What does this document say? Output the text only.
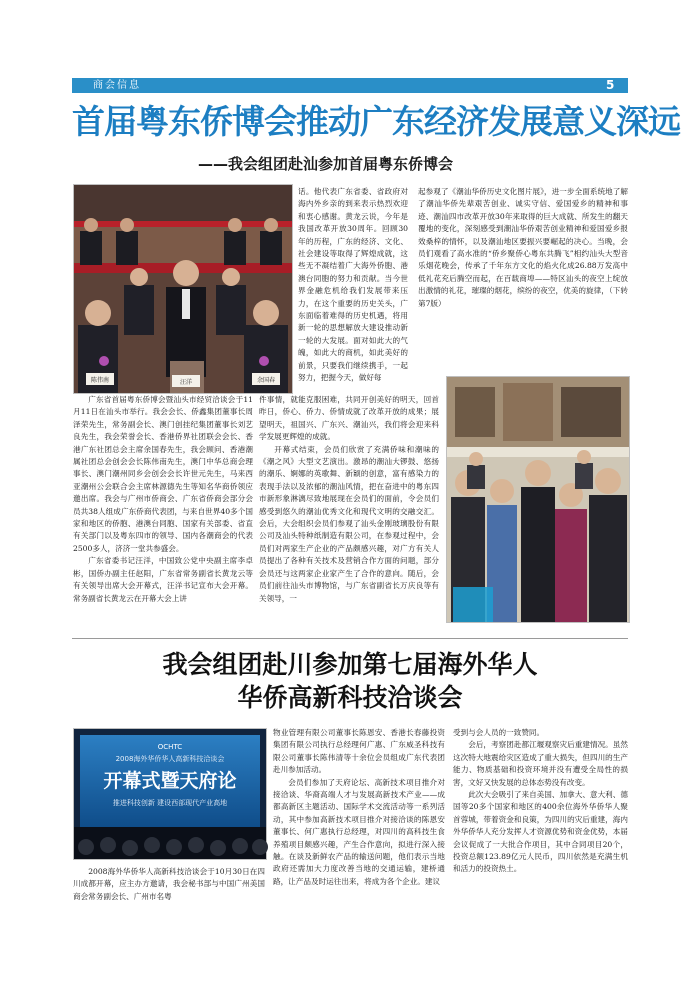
商会信息	5
首届粤东侨博会推动广东经济发展意义深远
——我会组团赴汕参加首届粤东侨博会
陈伟南	汪洋	余国春

广东省首届粤东侨博会暨汕头市经贸洽谈会于11月11日在汕头市举行。我会会长、侨鑫集团董事长周泽荣先生，常务副会长、澳门创挂纪集团董事长刘艺良先生，我会荣誉会长、香港侨界社团联会会长、香港广东社团总会主席余国春先生，我会顾问、香港潮属社团总会创会会长陈伟南先生，澳门中华总商会理事长、澳门潮州同乡会创会会长许世元先生，马来西亚潮州公会联合会主席林源德先生等知名华商侨领应邀出席。我会与广州市侨商会、广东省侨商会部分会员共38人组成广东侨商代表团，与来自世界40多个国家和地区的侨胞、港澳台同胞、国家有关部委、省直有关部门以及粤东四市的领导、国内各潮商会的代表2500多人，济济一堂共参盛会。

广东省委书记汪洋，中国致公党中央副主席李卓彬，国侨办副主任赵阳，广东省常务副省长黄龙云等有关领导出席大会开幕式，汪洋书记宣布大会开幕。常务副省长黄龙云在开幕大会上讲

话。他代表广东省委、省政府对海内外乡亲的到来表示热烈欢迎和衷心感谢。黄龙云说，今年是我国改革开放30周年。回顾30年的历程，广东的经济、文化、社会建设等取得了辉煌成就，这些无不凝结着广大海外侨胞、港澳台同胞的努力和贡献。当今世界金融危机给我们发展带来压力，在这个重要的历史关头，广东面临着难得的历史机遇，将用新一轮的思想解放大建设推动新一轮的大发展。面对如此大的气魄，如此大的商机，如此美好的前景，只要我们继续携手，一起努力，把握今天，做好每

件事情，就能克服困难，共同开创美好的明天，回首昨日，侨心、侨力、侨情成就了改革开放的成果；展望明天，祖国兴、广东兴、潮汕兴，我们将会迎来科学发展更辉煌的成就。

开幕式结束，会员们欣赏了充满侨味和潮味的《潮之风》大型文艺演出。激昂的潮汕大锣鼓、悠扬的潮乐、婀娜的英歌舞、新颖的创意，富有感染力的表现手法以及浓郁的潮汕风情，把在奋进中的粤东四市新形象淋漓尽致地展现在会员们的面前，令会员们感受到悠久的潮汕优秀文化和现代文明的交融交汇。会后，大会组织会员们参观了汕头金刚玻璃股份有限公司及汕头特种纸制造有限公司，在参观过程中，会员们对两家生产企业的产品颇感兴趣，对广方有关人员提出了各种有关技术及营销合作方面的问题，部分会员还与这两家企业家产生了合作的意向。随后，会员们前往汕头市博物馆，与广东省副省长万庆良等有关领导，一

起参观了《潮汕华侨历史文化图片展》，进一步全面系统地了解了潮汕华侨先辈艰苦创业、诚实守信、爱国爱乡的精神和事迹、潮汕四市改革开放30年来取得的巨大成就、所发生的翻天覆地的变化，深刻感受到潮汕华侨艰苦创业精神和爱国爱乡报效桑梓的情怀，以及潮汕地区要振兴要崛起的决心。当晚，会员们观看了高水准的“侨乡聚侨心粤东共腾飞”相约汕头大型音乐烟花晚会，传承了千年东方文化的焰火化成26.88万发高中低礼花充后腾空而起，在百载商埠——特区汕头的夜空上绽放出激情的礼花，璀璨的烟花，缤纷的夜空，优美的旋律，（下转第7版）

我会组团赴川参加第七届海外华人
华侨高新科技洽谈会
OCHTC
2008海外华侨华人高新科技洽谈会
开幕式暨天府论
推进科技创新 建设西部现代产业高地

2008海外华侨华人高新科技洽谈会于10月30日在四川成都开幕，应主办方邀请，我会秘书部与中国广州美国商会常务副会长、广州市名粤

物业管理有限公司董事长陈恩安、香港长春藤投资集团有限公司执行总经理何广惠、广东威圣科技有限公司董事长陈伟清等十余位会员组成广东代表团赴川参加活动。

会员们参加了天府论坛、高新技术项目推介对接洽谈、华裔高端人才与发展高新技术产业——成都高新区主题活动、国际学术交流活动等一系列活动，其中参加高新技术项目推介对接洽谈的陈恩安董事长、何广惠执行总经理，对四川的高科技生食养殖项目颇感兴趣，产生合作意向，拟进行深入接触。在谈及新鲜农产品的输送问题，他们表示当地政府还需加大力度改善当地的交通运输，建桥通路，让产品及时运往出来，将成为各个企业。建议

受到与会人员的一致赞同。

会后，考察团赴都江堰观察灾后重建情况。虽然这次特大地震给灾区造成了重大损失，但四川的生产能力、物质基础和投资环境并没有遭受全局性的损害，文好又快发展的总体态势没有改变。

此次大会吸引了来自美国、加拿大、意大利、德国等20多个国家和地区的400余位海外华侨华人聚首蓉城，带着资金和良策，为四川的灾后重建，海内外华侨华人充分发挥人才资源优势和资金优势，本届会议促成了一大批合作项目，其中合同项目20个，投资总额123.89亿元人民币，四川依然是充满生机和活力的投资热土。
